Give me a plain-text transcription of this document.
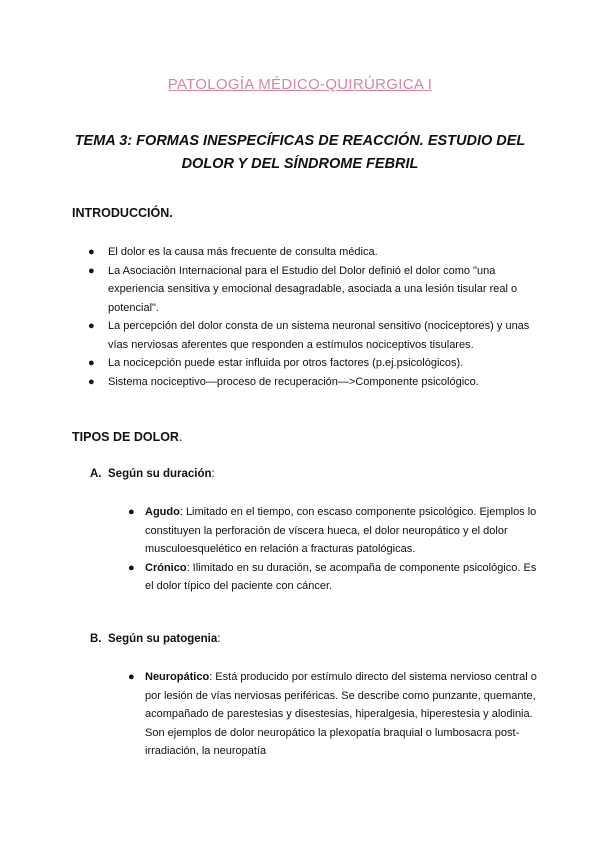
PATOLOGÍA MÉDICO-QUIRÚRGICA I
TEMA 3: FORMAS INESPECÍFICAS DE REACCIÓN. ESTUDIO DEL
DOLOR Y DEL SÍNDROME FEBRIL
INTRODUCCIÓN.
● El dolor es la causa más frecuente de consulta médica.
● La Asociación Internacional para el Estudio del Dolor definió el dolor como "una experiencia sensitiva y emocional desagradable, asociada a una lesión tisular real o potencial".
● La percepción del dolor consta de un sistema neuronal sensitivo (nociceptores) y unas vías nerviosas aferentes que responden a estímulos nociceptivos tisulares.
● La nocicepción puede estar influida por otros factores (p.ej.psicológicos).
● Sistema nociceptivo—proceso de recuperación—>Componente psicológico.
TIPOS DE DOLOR.
A. Según su duración:
● Agudo: Limitado en el tiempo, con escaso componente psicológico. Ejemplos lo constituyen la perforación de víscera hueca, el dolor neuropático y el dolor musculoesquelético en relación a fracturas patológicas.
● Crónico: Ilimitado en su duración, se acompaña de componente psicológico. Es el dolor típico del paciente con cáncer.
B. Según su patogenia:
● Neuropático: Está producido por estímulo directo del sistema nervioso central o por lesión de vías nerviosas periféricas. Se describe como punzante, quemante, acompañado de parestesias y disestesias, hiperalgesia, hiperestesia y alodinia. Son ejemplos de dolor neuropático la plexopatía braquial o lumbosacra post-irradiación, la neuropatía
